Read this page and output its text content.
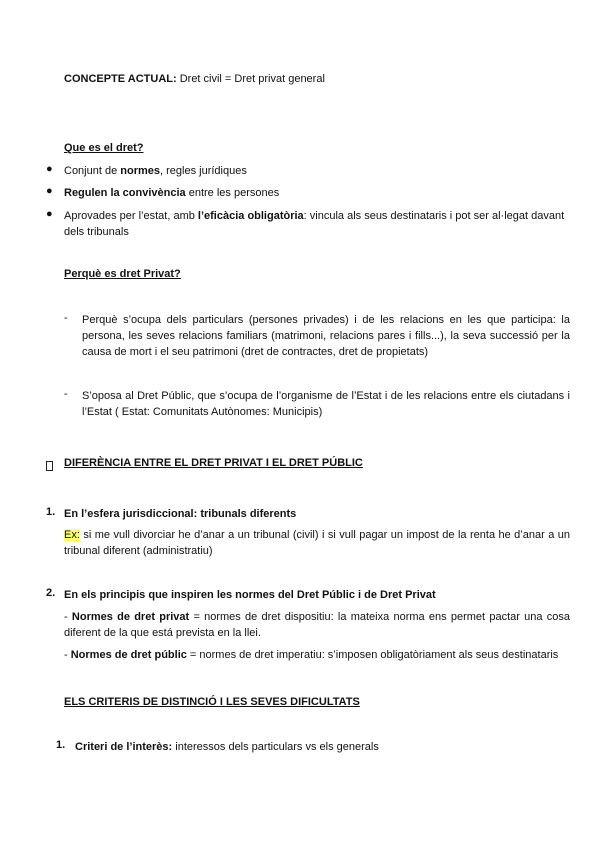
CONCEPTE ACTUAL: Dret civil = Dret privat general
Que es el dret?
● Conjunt de normes, regles jurídiques
● Regulen la convivència entre les persones
● Aprovades per l’estat, amb l’eficàcia obligatòria: vincula als seus destinataris i pot ser al·legat davant dels tribunals
Perquè es dret Privat?
- Perquè s’ocupa dels particulars (persones privades) i de les relacions en les que participa: la persona, les seves relacions familiars (matrimoni, relacions pares i fills...), la seva successió per la causa de mort i el seu patrimoni (dret de contractes, dret de propietats)
- S’oposa al Dret Públic, que s’ocupa de l’organisme de l’Estat i de les relacions entre els ciutadans i l’Estat ( Estat: Comunitats Autònomes: Municipis)
DIFERÈNCIA ENTRE EL DRET PRIVAT I EL DRET PÚBLIC
1. En l’esfera jurisdiccional: tribunals diferents
Ex: si me vull divorciar he d’anar a un tribunal (civil) i si vull pagar un impost de la renta he d’anar a un tribunal diferent (administratiu)
2. En els principis que inspiren les normes del Dret Públic i de Dret Privat
- Normes de dret privat = normes de dret dispositiu: la mateixa norma ens permet pactar una cosa diferent de la que está prevista en la llei.
- Normes de dret públic = normes de dret imperatiu: s’imposen obligatòriament als seus destinataris
ELS CRITERIS DE DISTINCIÓ I LES SEVES DIFICULTATS
1. Criteri de l’interès: interessos dels particulars vs els generals
